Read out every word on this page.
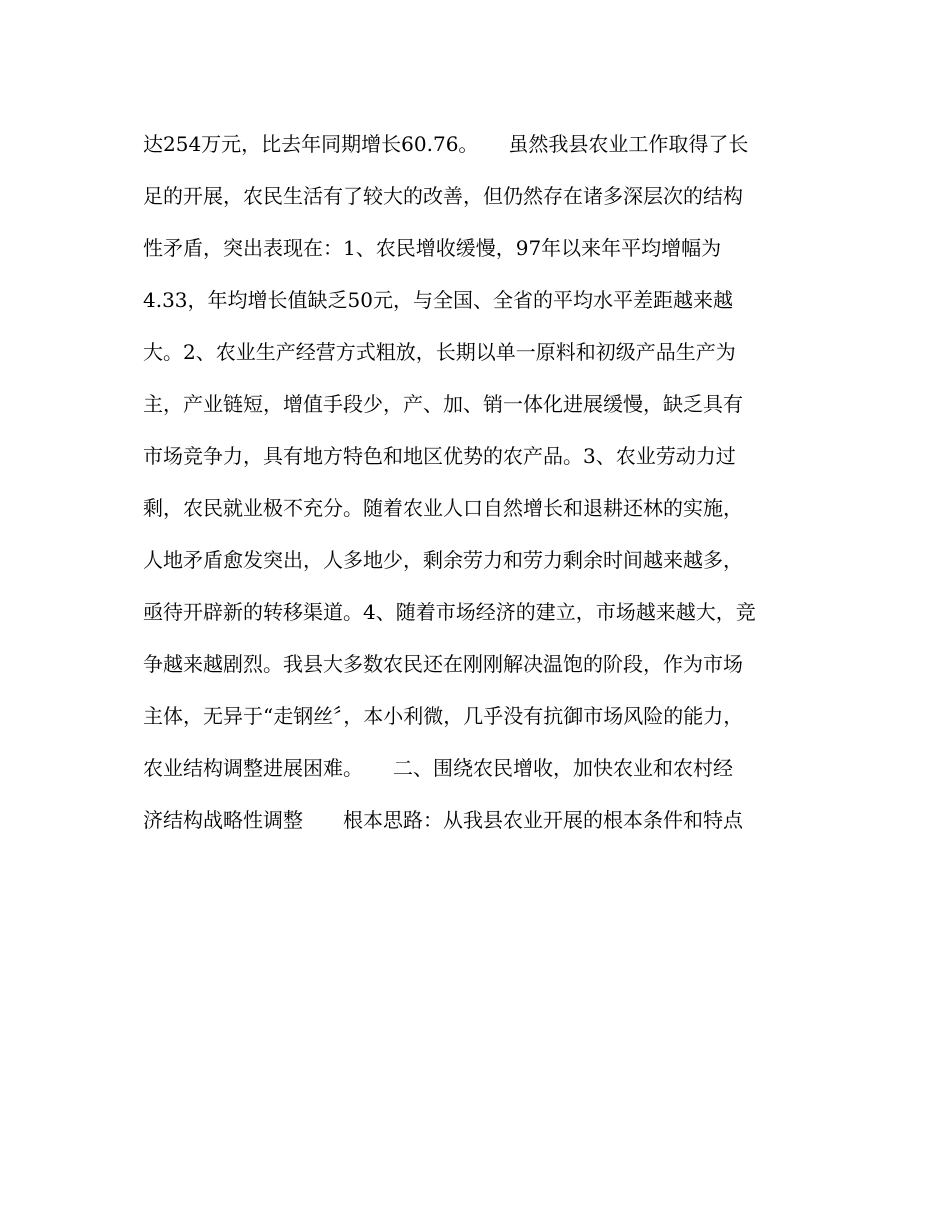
达254万元，比去年同期增长60.76。　　虽然我县农业工作取得了长
足的开展，农民生活有了较大的改善，但仍然存在诸多深层次的结构
性矛盾，突出表现在：1、农民增收缓慢，97年以来年平均增幅为
4.33，年均增长值缺乏50元，与全国、全省的平均水平差距越来越
大。2、农业生产经营方式粗放，长期以单一原料和初级产品生产为
主，产业链短，增值手段少，产、加、销一体化进展缓慢，缺乏具有
市场竞争力，具有地方特色和地区优势的农产品。3、农业劳动力过
剩，农民就业极不充分。随着农业人口自然增长和退耕还林的实施，
人地矛盾愈发突出，人多地少，剩余劳力和劳力剩余时间越来越多，
亟待开辟新的转移渠道。4、随着市场经济的建立，市场越来越大，竞
争越来越剧烈。我县大多数农民还在刚刚解决温饱的阶段，作为市场
主体，无异于“走钢丝〞，本小利微，几乎没有抗御市场风险的能力，
农业结构调整进展困难。　　二、围绕农民增收，加快农业和农村经
济结构战略性调整　　根本思路：从我县农业开展的根本条件和特点
